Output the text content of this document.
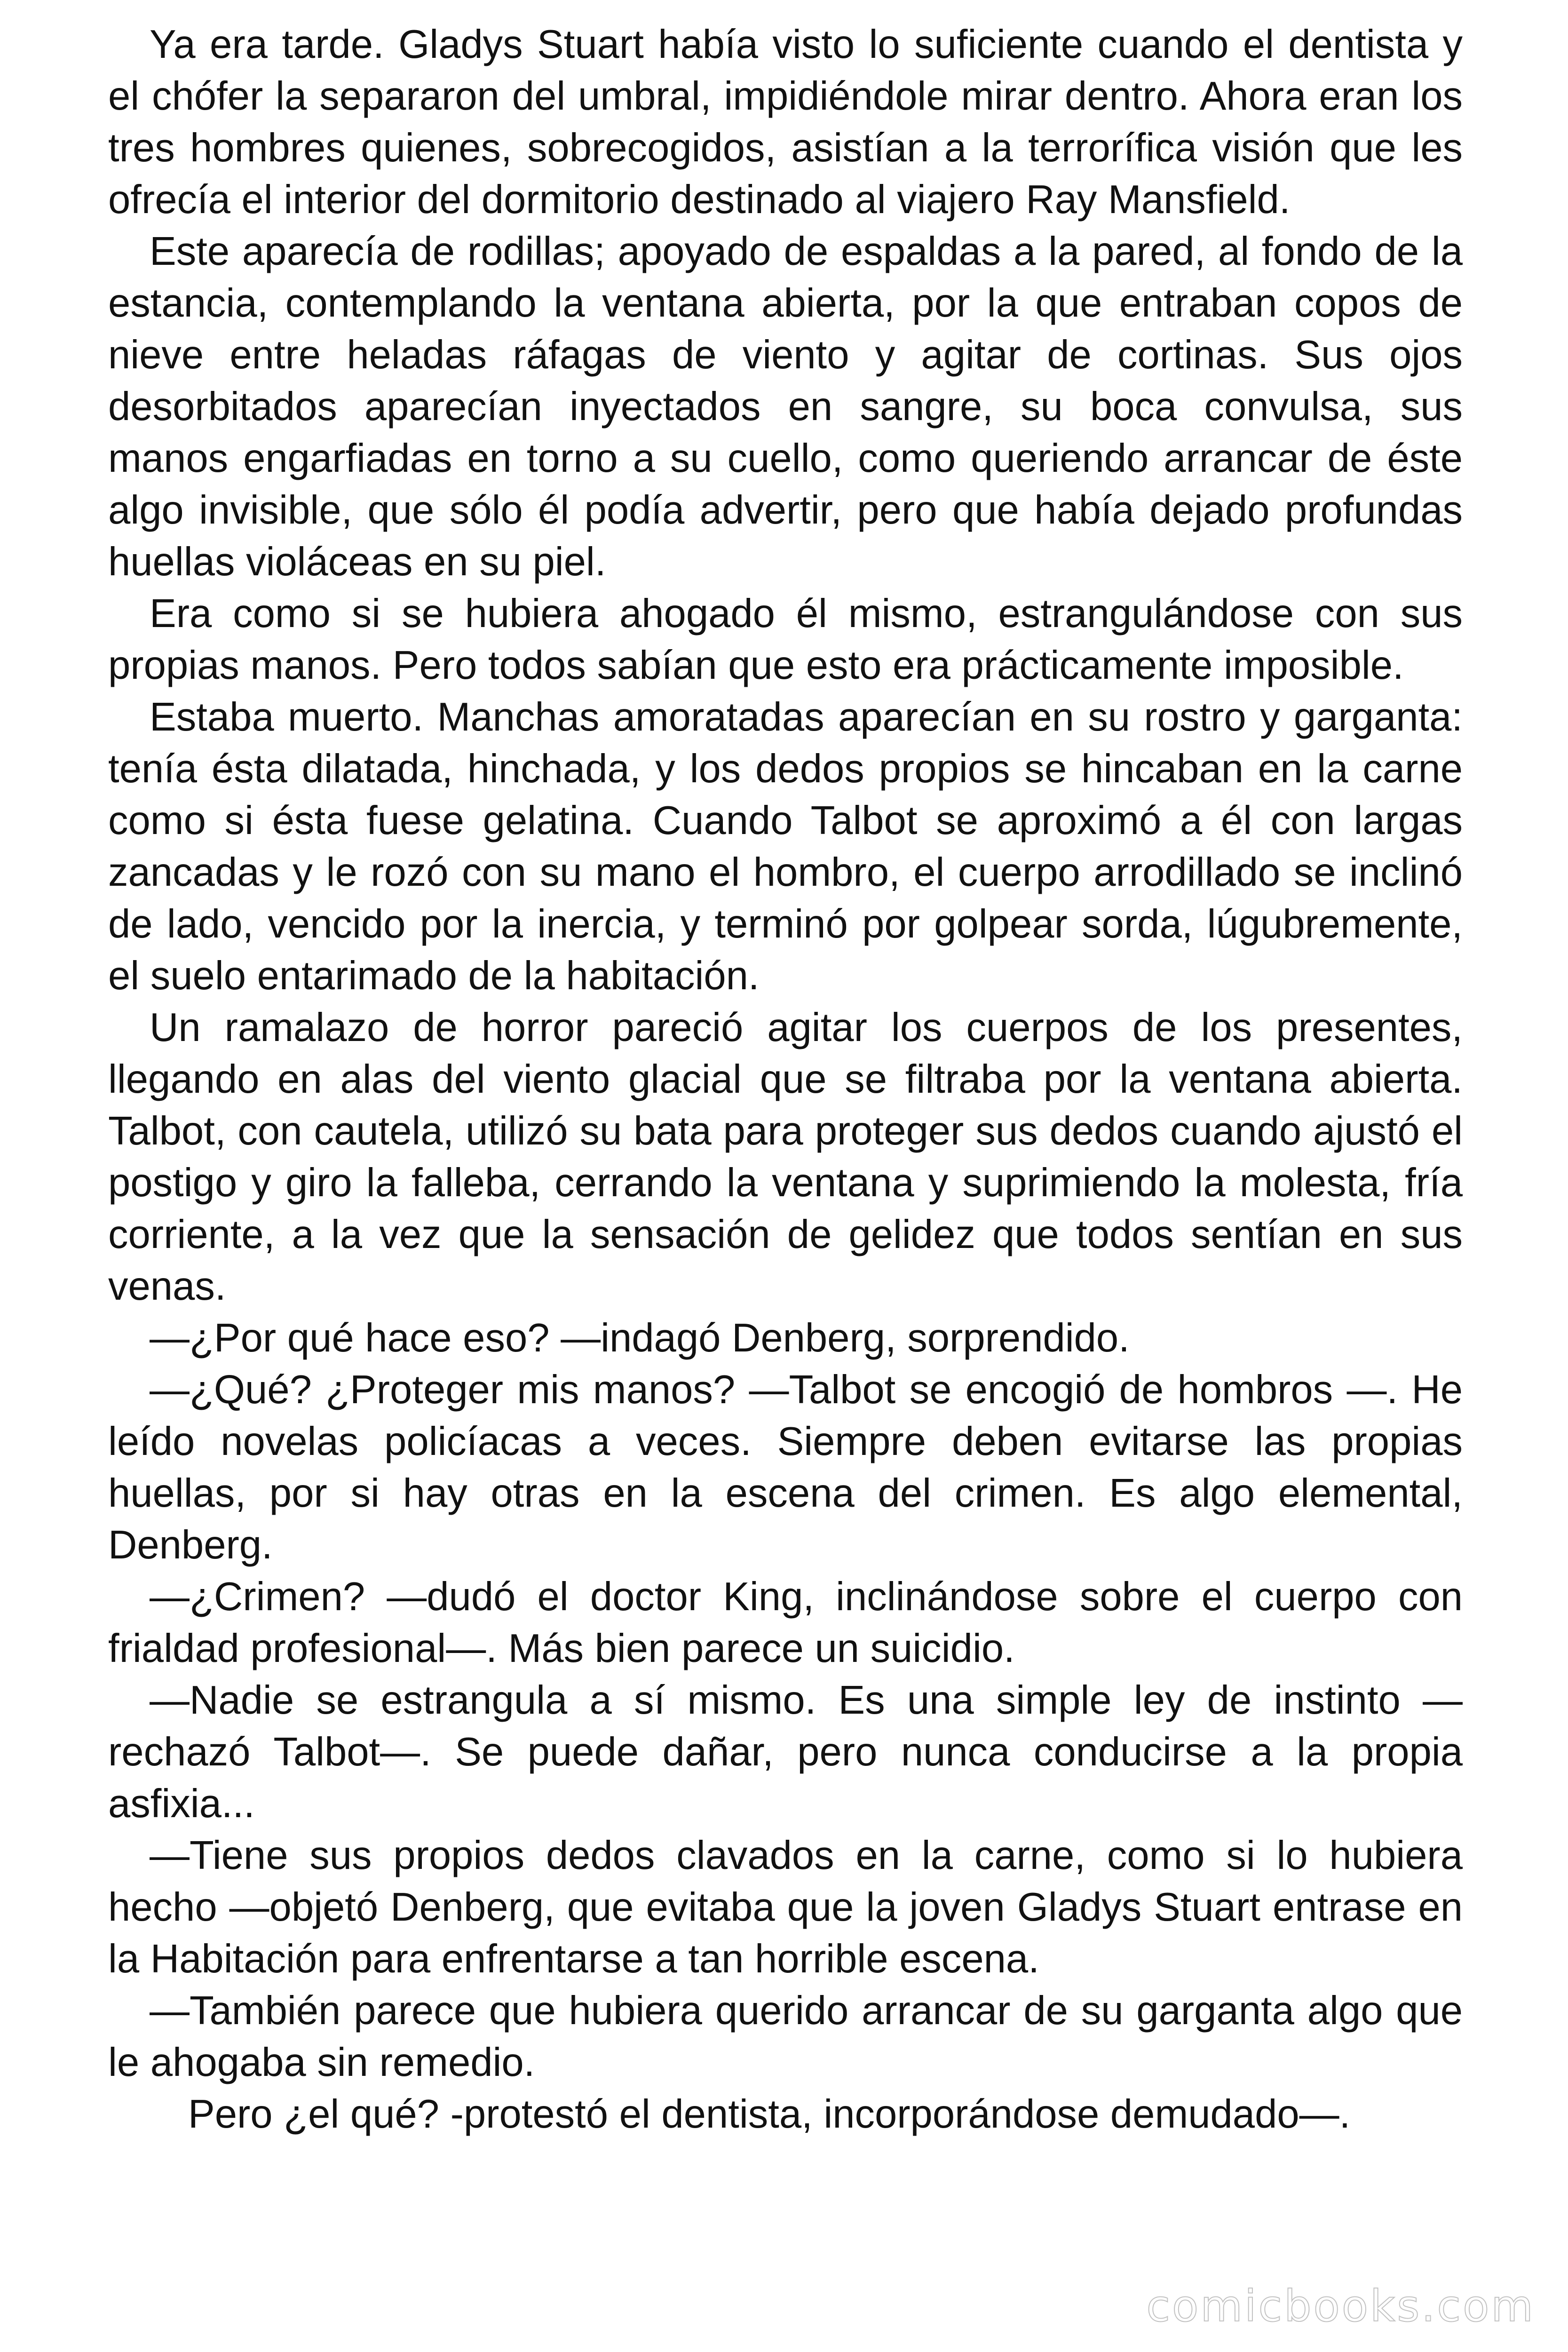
Ya era tarde. Gladys Stuart había visto lo suficiente cuando el dentista y el chófer la separaron del umbral, impidiéndole mirar dentro. Ahora eran los tres hombres quienes, sobrecogidos, asistían a la terrorífica visión que les ofrecía el interior del dormitorio destinado al viajero Ray Mansfield.

Este aparecía de rodillas; apoyado de espaldas a la pared, al fondo de la estancia, contemplando la ventana abierta, por la que entraban copos de nieve entre heladas ráfagas de viento y agitar de cortinas. Sus ojos desorbitados aparecían inyectados en sangre, su boca convulsa, sus manos engarfiadas en torno a su cuello, como queriendo arrancar de éste algo invisible, que sólo él podía advertir, pero que había dejado profundas huellas violáceas en su piel.

Era como si se hubiera ahogado él mismo, estrangulándose con sus propias manos. Pero todos sabían que esto era prácticamente imposible.

Estaba muerto. Manchas amoratadas aparecían en su rostro y garganta: tenía ésta dilatada, hinchada, y los dedos propios se hincaban en la carne como si ésta fuese gelatina. Cuando Talbot se aproximó a él con largas zancadas y le rozó con su mano el hombro, el cuerpo arrodillado se inclinó de lado, vencido por la inercia, y terminó por golpear sorda, lúgubremente, el suelo entarimado de la habitación.

Un ramalazo de horror pareció agitar los cuerpos de los presentes, llegando en alas del viento glacial que se filtraba por la ventana abierta. Talbot, con cautela, utilizó su bata para proteger sus dedos cuando ajustó el postigo y giro la falleba, cerrando la ventana y suprimiendo la molesta, fría corriente, a la vez que la sensación de gelidez que todos sentían en sus venas.

—¿Por qué hace eso? —indagó Denberg, sorprendido.

—¿Qué? ¿Proteger mis manos? —Talbot se encogió de hombros —. He leído novelas policíacas a veces. Siempre deben evitarse las propias huellas, por si hay otras en la escena del crimen. Es algo elemental, Denberg.

—¿Crimen? —dudó el doctor King, inclinándose sobre el cuerpo con frialdad profesional—. Más bien parece un suicidio.

—Nadie se estrangula a sí mismo. Es una simple ley de instinto —rechazó Talbot—. Se puede dañar, pero nunca conducirse a la propia asfixia...

—Tiene sus propios dedos clavados en la carne, como si lo hubiera hecho —objetó Denberg, que evitaba que la joven Gladys Stuart entrase en la Habitación para enfrentarse a tan horrible escena.

—También parece que hubiera querido arrancar de su garganta algo que le ahogaba sin remedio.

Pero ¿el qué? -protestó el dentista, incorporándose demudado—.

comicbooks.com
